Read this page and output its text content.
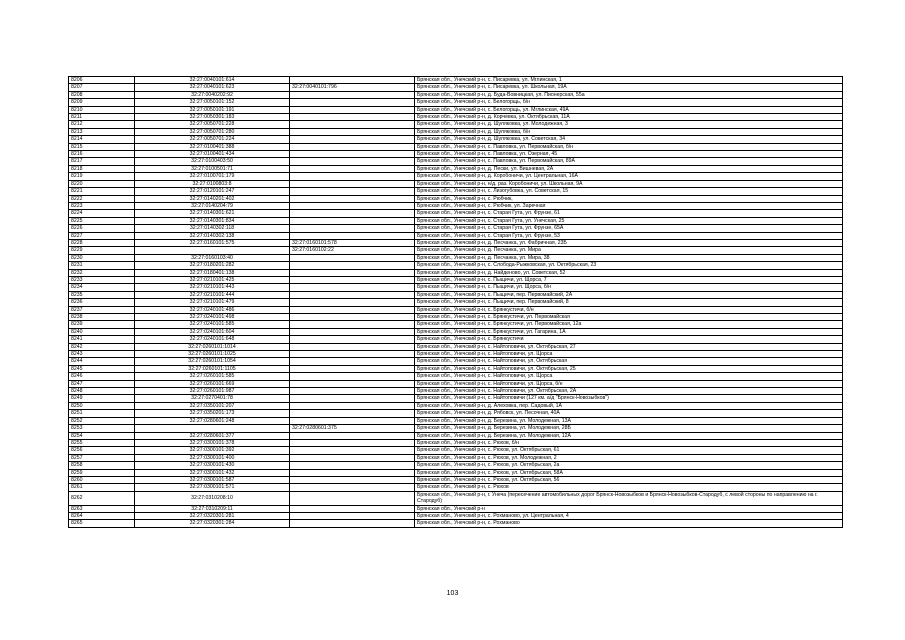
8206	32:27:0040101:614		Брянская обл., Унечский р-н, с. Писаревка, ул. Мглинская, 1
8207	32:27:0040101:623	32:27:0040101:796	Брянская обл., Унечский р-н, с. Писаревка, ул. Школьная, 19А
8208	32:27:0040202:92		Брянская обл., Унечский р-н, д. Буда-Вовницкая, ул. Пионерская, 55а
8209	32:27:0050101:152		Брянская обл., Унечский р-н, с. Белогорщь, б/н
8210	32:27:0050101:191		Брянская обл., Унечский р-н, с. Белогорщь, ул. Мглинская, 49А
8211	32:27:0050301:183		Брянская обл., Унечский р-н, д. Корчевка, ул. Октябрьская, 11А
8212	32:27:0050701:228		Брянская обл., Унечский р-н, д. Шуляковка, ул. Молодежная, 3
8213	32:27:0050701:280		Брянская обл., Унечский р-н, д. Шуляковка, б/н
8214	32:27:0050701:224		Брянская обл., Унечский р-н, д. Шуляковка, ул. Советская, 34
8215	32:27:0100401:388		Брянская обл., Унечский р-н, с. Павловка, ул. Первомайская, б/н
8216	32:27:0100401:434		Брянская обл., Унечский р-н, с. Павловка, ул. Озерная, 45
8217	32:27:0100403:50		Брянская обл., Унечский р-н, с. Павловка, ул. Первомайская, 89А
8218	32:27:0100501:71		Брянская обл., Унечский р-н, д. Пески, ул. Вишневая, 2А
8219	32:27:0100701:179		Брянская обл., Унечский р-н, д. Коробоничи, ул. Центральная, 16А
8220	32:27:0100803:8		Брянская обл., Унечский р-н, н/д. раз. Коробоничи, ул. Школьная, 9А
8221	32:27:0120101:247		Брянская обл., Унечский р-н, с. Лизогубовка, ул. Советская, 15
8222	32:27:0140201:402		Брянская обл., Унечский р-н, с. Рюбчик,
8223	32:27:0140204:79		Брянская обл., Унечский р-н, с. Рюбчик, ул. Заречная
8224	32:27:0140301:621		Брянская обл., Унечский р-н, с. Старая Гута, ул. Фрунзе, 61
8225	32:27:0140301:834		Брянская обл., Унечский р-н, с. Старая Гута, ул. Унечская, 25
8226	32:27:0140302:118		Брянская обл., Унечский р-н, с. Старая Гута, ул. Фрунзе, 65А
8227	32:27:0140302:138		Брянская обл., Унечский р-н, с. Старая Гута, ул. Фрунзе, 53
8228	32:27:0160101:575	32:27:0160101:578	Брянская обл., Унечский р-н, д. Песчанка, ул. Фабричная, 23Б
8229		32:27:0160102:22	Брянская обл., Унечский р-н, д. Песчанка, ул. Мира
8230	32:27:0160103:40		Брянская обл., Унечский р-н, д. Песчанка, ул. Мира, 38
8231	32:27:0180201:282		Брянская обл., Унечский р-н, с. Слобода-Рыжковская, ул. Октябрьская, 23
8232	32:27:0180401:138		Брянская обл., Унечский р-н, д. Найденово, ул. Советская, 52
8233	32:27:0210101:425		Брянская обл., Унечский р-н, с. Пыщичи, ул. Щорса, 7
8234	32:27:0210101:443		Брянская обл., Унечский р-н, с. Пыщичи, ул. Щорса, б/н
8235	32:27:0210101:444		Брянская обл., Унечский р-н, с. Пыщичи, пер. Первомайский, 2А
8236	32:27:0210101:479		Брянская обл., Унечский р-н, с. Пыщичи, пер. Первомайский, 8
8237	32:27:0240101:486		Брянская обл., Унечский р-н, с. Брянкустичи, б/н
8238	32:27:0240101:498		Брянская обл., Унечский р-н, с. Брянкустичи, ул. Первомайская
8239	32:27:0240101:585		Брянская обл., Унечский р-н, с. Брянкустичи, ул. Первомайская, 12а
8240	32:27:0240101:604		Брянская обл., Унечский р-н, с. Брянкустичи, ул. Гагарина, 1А
8241	32:27:0240101:648		Брянская обл., Унечский р-н, с. Брянкустичи
8242	32:27:0260101:1014		Брянская обл., Унечский р-н, с. Найтоповичи, ул. Октябрьская, 27
8243	32:27:0260101:1025		Брянская обл., Унечский р-н, с. Найтоповичи, ул. Щорса
8244	32:27:0260101:1054		Брянская обл., Унечский р-н, с. Найтоповичи, ул. Октябрьская
8245	32:27:0260101:1105		Брянская обл., Унечский р-н, с. Найтоповичи, ул. Октябрьская, 25
8246	32:27:0260101:585		Брянская обл., Унечский р-н, с. Найтоповичи, ул. Щорса
8247	32:27:0260101:669		Брянская обл., Унечский р-н, с. Найтоповичи, ул. Щорса, б/н
8248	32:27:0260101:987		Брянская обл., Унечский р-н, с. Найтоповичи, ул. Октябрьская, 2А
8249	32:27:0270401:78		Брянская обл., Унечский р-н, с. Найтоповичи (127 км. а/д "Брянск-Новозыбков")
8250	32:27:0350101:207		Брянская обл., Унечский р-н, д. Алеховка, пер. Садовый, 1А
8251	32:27:0350201:173		Брянская обл., Унечский р-н, д. Рябовск, ул. Песочная, 40А
8252	32:27:0280601:248		Брянская обл., Унечский р-н, д. Березина, ул. Молодежная, 13А
8253		32:27:0280601:375	Брянская обл., Унечский р-н, д. Березина, ул. Молодежная, 28Б
8254	32:27:0280601:377		Брянская обл., Унечский р-н, д. Березина, ул. Молодежная, 12А
8255	32:27:0300101:378		Брянская обл., Унечский р-н, с. Рюхов, б/н
8256	32:27:0300101:392		Брянская обл., Унечский р-н, с. Рюхов, ул. Октябрьская, 61
8257	32:27:0300101:400		Брянская обл., Унечский р-н, с. Рюхов, ул. Молодежная, 2
8258	32:27:0300101:430		Брянская обл., Унечский р-н, с. Рюхов, ул. Октябрьская, 2а
8259	32:27:0300101:432		Брянская обл., Унечский р-н, с. Рюхов, ул. Октябрьская, 58А
8260	32:27:0300101:587		Брянская обл., Унечский р-н, с. Рюхов, ул. Октябрьская, 56
8261	32:27:0300101:571		Брянская обл., Унечский р-н, с. Рюхов
8262	32:27:0310208:10		Брянская обл., Унечский р-н, г. Унеча (пересечение автомобильных дорог Брянск-Новозыбков и Брянск-Новозыбков-Стародуб, с левой стороны по направлению на г. Стародуб)
8263	32:27:0310209:11		Брянская обл., Унечский р-н
8264	32:27:0320301:281		Брянская обл., Унечский р-н, с. Рохманово, ул. Центральная, 4
8265	32:27:0320301:284		Брянская обл., Унечский р-н, с. Рохманово
103
